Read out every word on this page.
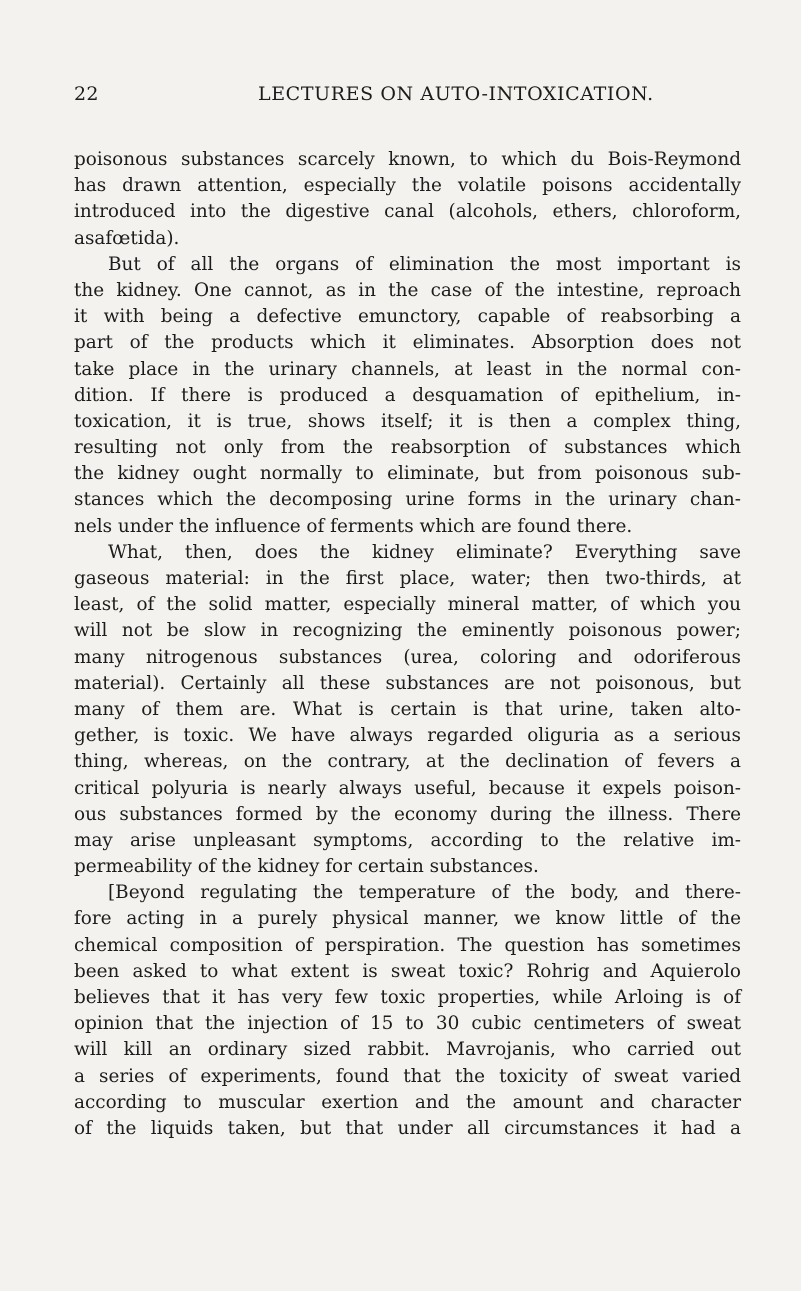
22	LECTURES ON AUTO-INTOXICATION.
poisonous substances scarcely known, to which du Bois-Reymond
has drawn attention, especially the volatile poisons accidentally
introduced into the digestive canal (alcohols, ethers, chloroform,
asafœtida).
But of all the organs of elimination the most important is
the kidney. One cannot, as in the case of the intestine, reproach
it with being a defective emunctory, capable of reabsorbing a
part of the products which it eliminates. Absorption does not
take place in the urinary channels, at least in the normal con-
dition. If there is produced a desquamation of epithelium, in-
toxication, it is true, shows itself; it is then a complex thing,
resulting not only from the reabsorption of substances which
the kidney ought normally to eliminate, but from poisonous sub-
stances which the decomposing urine forms in the urinary chan-
nels under the influence of ferments which are found there.
What, then, does the kidney eliminate? Everything save
gaseous material: in the first place, water; then two-thirds, at
least, of the solid matter, especially mineral matter, of which you
will not be slow in recognizing the eminently poisonous power;
many nitrogenous substances (urea, coloring and odoriferous
material). Certainly all these substances are not poisonous, but
many of them are. What is certain is that urine, taken alto-
gether, is toxic. We have always regarded oliguria as a serious
thing, whereas, on the contrary, at the declination of fevers a
critical polyuria is nearly always useful, because it expels poison-
ous substances formed by the economy during the illness. There
may arise unpleasant symptoms, according to the relative im-
permeability of the kidney for certain substances.
[Beyond regulating the temperature of the body, and there-
fore acting in a purely physical manner, we know little of the
chemical composition of perspiration. The question has sometimes
been asked to what extent is sweat toxic? Rohrig and Aquierolo
believes that it has very few toxic properties, while Arloing is of
opinion that the injection of 15 to 30 cubic centimeters of sweat
will kill an ordinary sized rabbit. Mavrojanis, who carried out
a series of experiments, found that the toxicity of sweat varied
according to muscular exertion and the amount and character
of the liquids taken, but that under all circumstances it had a
